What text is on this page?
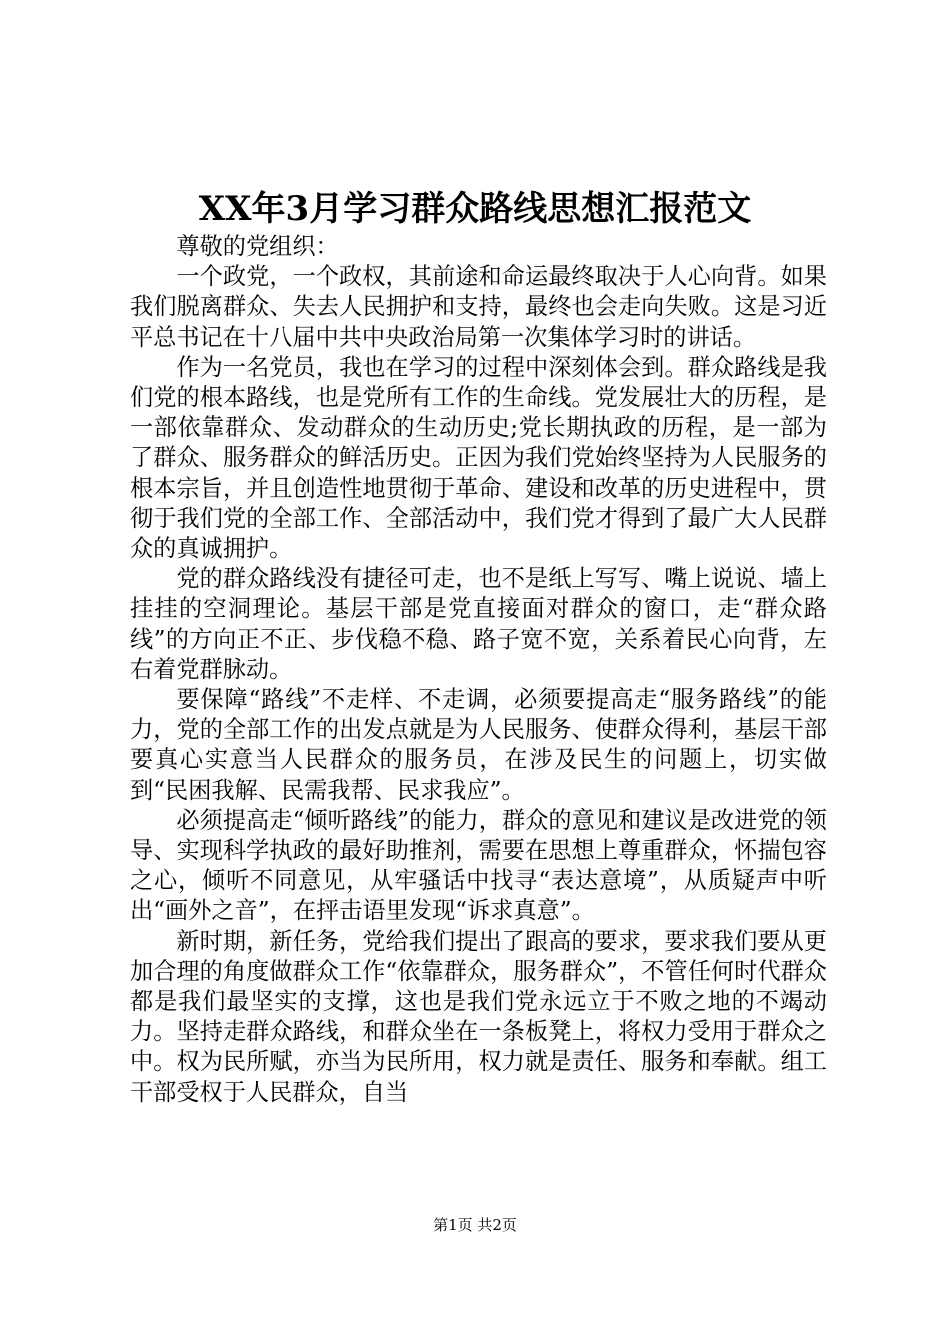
XX年3月学习群众路线思想汇报范文

尊敬的党组织：

一个政党，一个政权，其前途和命运最终取决于人心向背。如果我们脱离群众、失去人民拥护和支持，最终也会走向失败。这是习近平总书记在十八届中共中央政治局第一次集体学习时的讲话。

作为一名党员，我也在学习的过程中深刻体会到。群众路线是我们党的根本路线，也是党所有工作的生命线。党发展壮大的历程，是一部依靠群众、发动群众的生动历史;党长期执政的历程，是一部为了群众、服务群众的鲜活历史。正因为我们党始终坚持为人民服务的根本宗旨，并且创造性地贯彻于革命、建设和改革的历史进程中，贯彻于我们党的全部工作、全部活动中，我们党才得到了最广大人民群众的真诚拥护。

党的群众路线没有捷径可走，也不是纸上写写、嘴上说说、墙上挂挂的空洞理论。基层干部是党直接面对群众的窗口，走“群众路线”的方向正不正、步伐稳不稳、路子宽不宽，关系着民心向背，左右着党群脉动。

要保障“路线”不走样、不走调，必须要提高走“服务路线”的能力，党的全部工作的出发点就是为人民服务、使群众得利，基层干部要真心实意当人民群众的服务员，在涉及民生的问题上，切实做到“民困我解、民需我帮、民求我应”。

必须提高走“倾听路线”的能力，群众的意见和建议是改进党的领导、实现科学执政的最好助推剂，需要在思想上尊重群众，怀揣包容之心，倾听不同意见，从牢骚话中找寻“表达意境”，从质疑声中听出“画外之音”，在抨击语里发现“诉求真意”。

新时期，新任务，党给我们提出了跟高的要求，要求我们要从更加合理的角度做群众工作“依靠群众，服务群众”，不管任何时代群众都是我们最坚实的支撑，这也是我们党永远立于不败之地的不竭动力。坚持走群众路线，和群众坐在一条板凳上，将权力受用于群众之中。权为民所赋，亦当为民所用，权力就是责任、服务和奉献。组工干部受权于人民群众，自当

第1页 共2页
